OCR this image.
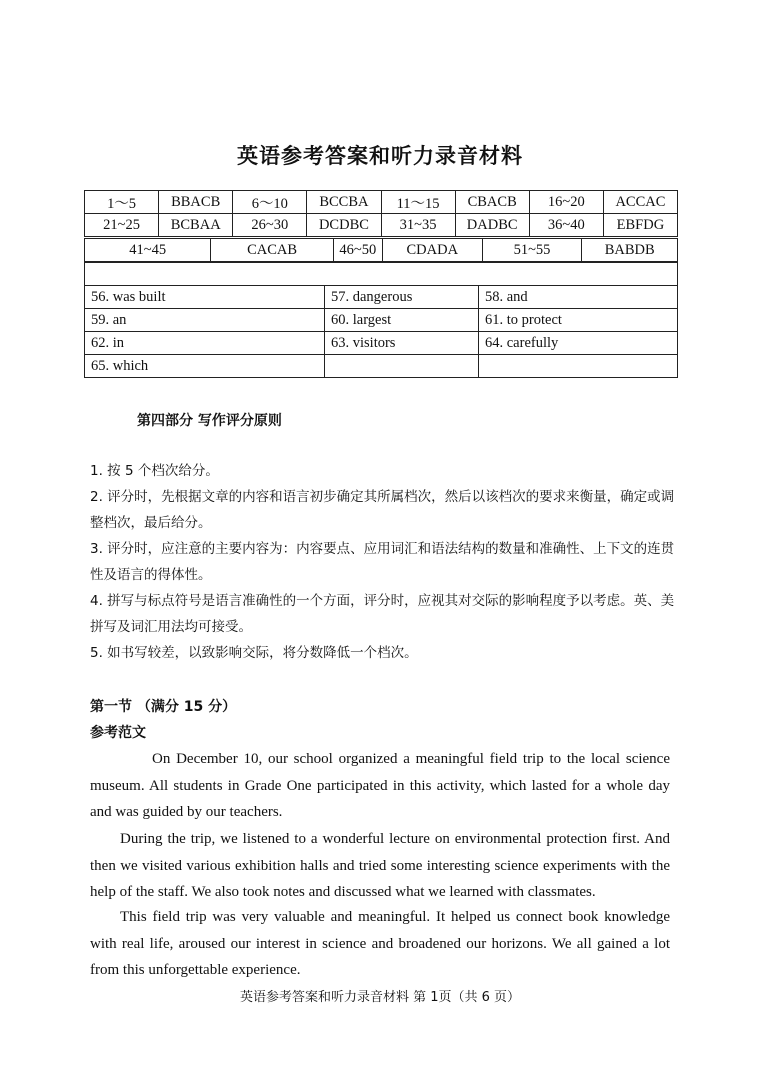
英语参考答案和听力录音材料
1～5	BBACB	6～10	BCCBA	11～15	CBACB	16~20	ACCAC
21~25	BCBAA	26~30	DCDBC	31~35	DADBC	36~40	EBFDG
41~45	CACAB	46~50	CDADA	51~55	BABDB

56. was built	57. dangerous	58. and
59. an	60. largest	61. to protect
62. in	63. visitors	64. carefully
65. which		
第四部分 写作评分原则
1. 按 5 个档次给分。
2. 评分时，先根据文章的内容和语言初步确定其所属档次，然后以该档次的要求来衡量，确定或调整档次，最后给分。
3. 评分时，应注意的主要内容为：内容要点、应用词汇和语法结构的数量和准确性、上下文的连贯性及语言的得体性。
4. 拼写与标点符号是语言准确性的一个方面，评分时，应视其对交际的影响程度予以考虑。英、美拼写及词汇用法均可接受。
5. 如书写较差，以致影响交际，将分数降低一个档次。
第一节 （满分 15 分）
参考范文
On December 10, our school organized a meaningful field trip to the local science museum. All students in Grade One participated in this activity, which lasted for a whole day and was guided by our teachers.
During the trip, we listened to a wonderful lecture on environmental protection first. And then we visited various exhibition halls and tried some interesting science experiments with the help of the staff. We also took notes and discussed what we learned with classmates.
This field trip was very valuable and meaningful. It helped us connect book knowledge with real life, aroused our interest in science and broadened our horizons. We all gained a lot from this unforgettable experience.
英语参考答案和听力录音材料 第 1页（共 6 页）
